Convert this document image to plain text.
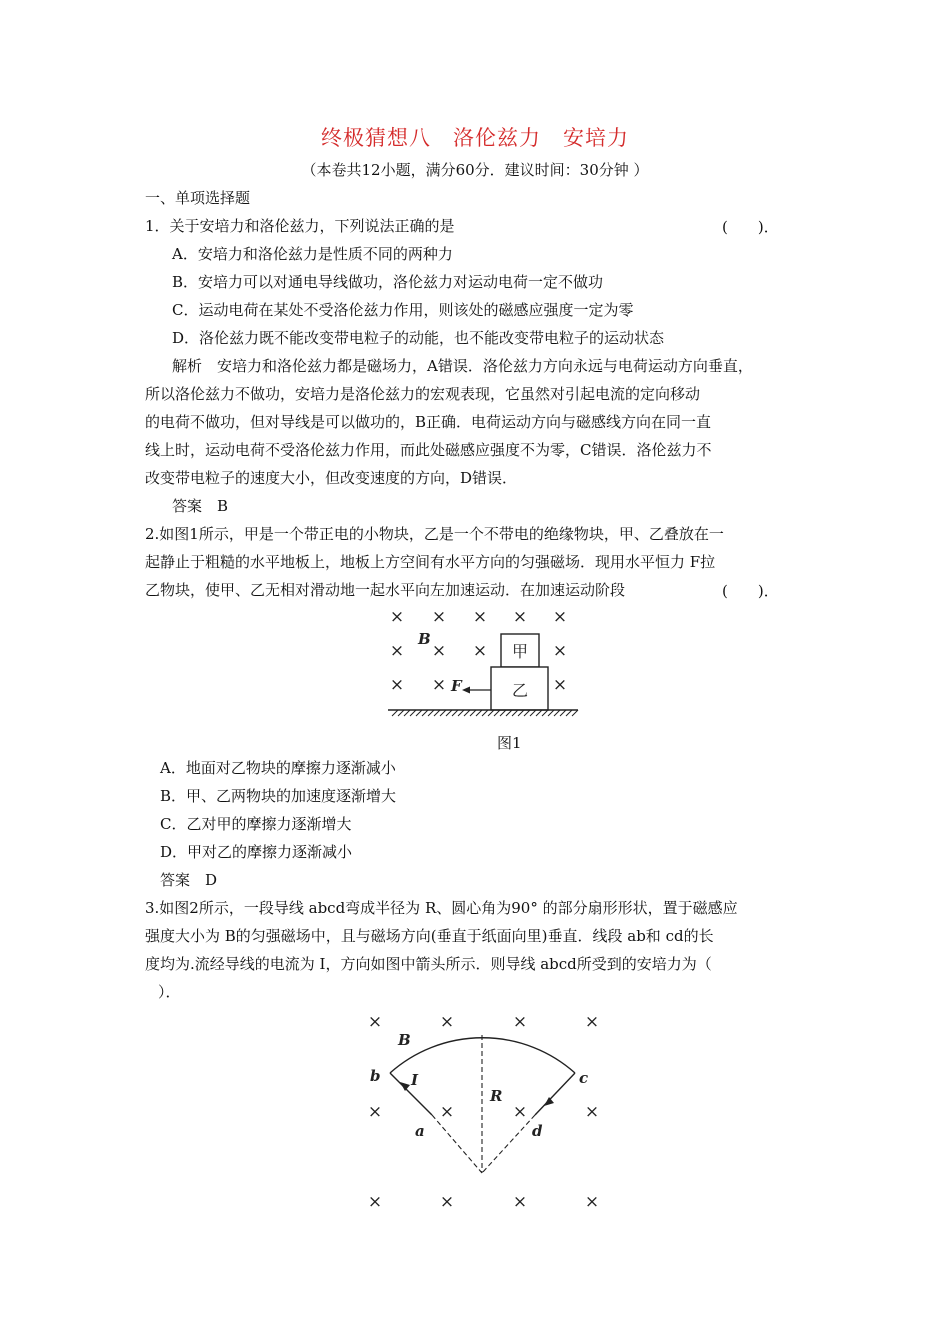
终极猜想八　洛伦兹力　安培力
（本卷共12小题，满分60分．建议时间：30分钟 ）
一、单项选择题
1．关于安培力和洛伦兹力，下列说法正确的是	(　　)．
A．安培力和洛伦兹力是性质不同的两种力
B．安培力可以对通电导线做功，洛伦兹力对运动电荷一定不做功
C．运动电荷在某处不受洛伦兹力作用，则该处的磁感应强度一定为零
D．洛伦兹力既不能改变带电粒子的动能，也不能改变带电粒子的运动状态
解析　安培力和洛伦兹力都是磁场力，A错误．洛伦兹力方向永远与电荷运动方向垂直，
所以洛伦兹力不做功，安培力是洛伦兹力的宏观表现，它虽然对引起电流的定向移动
的电荷不做功，但对导线是可以做功的，B正确．电荷运动方向与磁感线方向在同一直
线上时，运动电荷不受洛伦兹力作用，而此处磁感应强度不为零，C错误．洛伦兹力不
改变带电粒子的速度大小，但改变速度的方向，D错误．
答案　B
2.如图1所示，甲是一个带正电的小物块，乙是一个不带电的绝缘物块，甲、乙叠放在一
起静止于粗糙的水平地板上，地板上方空间有水平方向的匀强磁场．现用水平恒力 F拉
乙物块，使甲、乙无相对滑动地一起水平向左加速运动．在加速运动阶段	(　　)．
× × × × ×
× × ×	×
× ×	×
B
甲
乙
F
图1
A．地面对乙物块的摩擦力逐渐减小
B．甲、乙两物块的加速度逐渐增大
C．乙对甲的摩擦力逐渐增大
D．甲对乙的摩擦力逐渐减小
答案　D
3.如图2所示，一段导线 abcd弯成半径为 R、圆心角为90° 的部分扇形形状，置于磁感应
强度大小为 B的匀强磁场中，且与磁场方向(垂直于纸面向里)垂直．线段 ab和 cd的长
度均为.流经导线的电流为 I，方向如图中箭头所示．则导线 abcd所受到的安培力为（
）．
×	×	×	×
×	×	×	×
×	×	×	×
B
b	c
I
R
a	d
